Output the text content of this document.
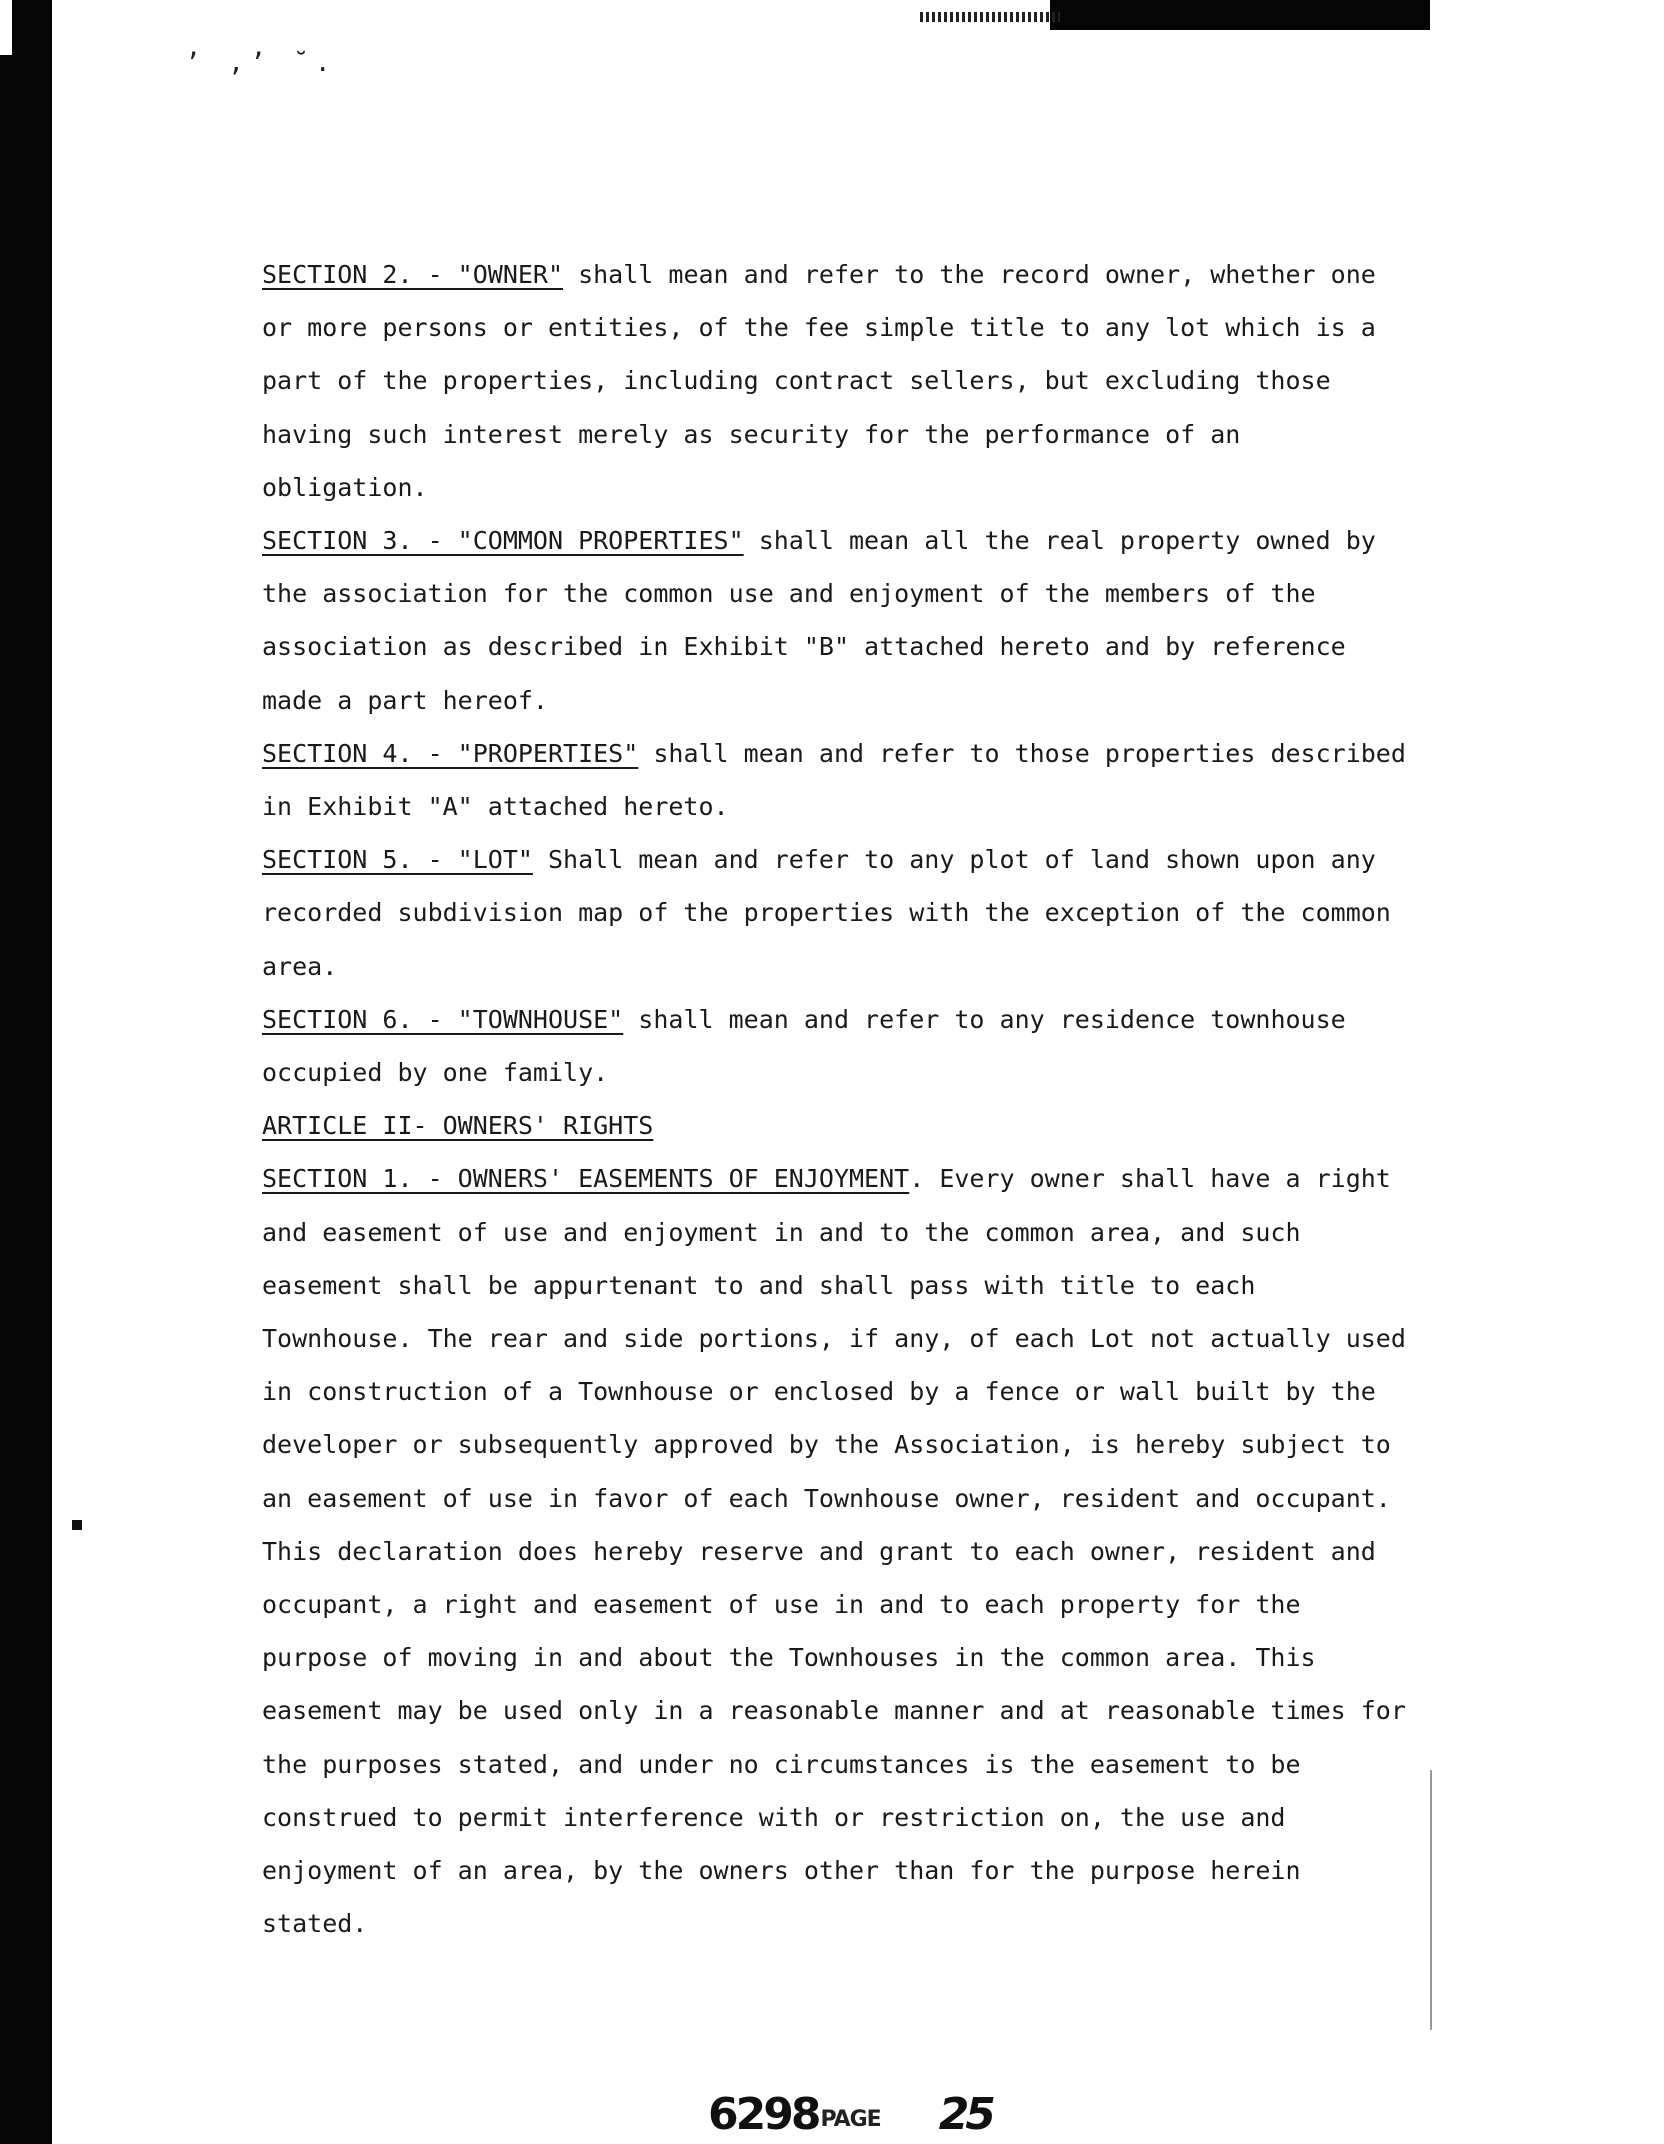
ʼ ,’ ˘.

SECTION 2. - "OWNER" shall mean and refer to the record owner, whether one or more persons or entities, of the fee simple title to any lot which is a part of the properties, including contract sellers, but excluding those having such interest merely as security for the performance of an obligation.

SECTION 3. - "COMMON PROPERTIES" shall mean all the real property owned by the association for the common use and enjoyment of the members of the association as described in Exhibit "B" attached hereto and by reference made a part hereof.

SECTION 4. - "PROPERTIES" shall mean and refer to those properties described in Exhibit "A" attached hereto.

SECTION 5. - "LOT" Shall mean and refer to any plot of land shown upon any recorded subdivision map of the properties with the exception of the common area.

SECTION 6. - "TOWNHOUSE" shall mean and refer to any residence townhouse occupied by one family.

ARTICLE II- OWNERS' RIGHTS

SECTION 1. - OWNERS' EASEMENTS OF ENJOYMENT. Every owner shall have a right and easement of use and enjoyment in and to the common area, and such easement shall be appurtenant to and shall pass with title to each Townhouse. The rear and side portions, if any, of each Lot not actually used in construction of a Townhouse or enclosed by a fence or wall built by the developer or subsequently approved by the Association, is hereby subject to an easement of use in favor of each Townhouse owner, resident and occupant. This declaration does hereby reserve and grant to each owner, resident and occupant, a right and easement of use in and to each property for the purpose of moving in and about the Townhouses in the common area. This easement may be used only in a reasonable manner and at reasonable times for the purposes stated, and under no circumstances is the easement to be construed to permit interference with or restriction on, the use and enjoyment of an area, by the owners other than for the purpose herein stated.

6298 PAGE 25
